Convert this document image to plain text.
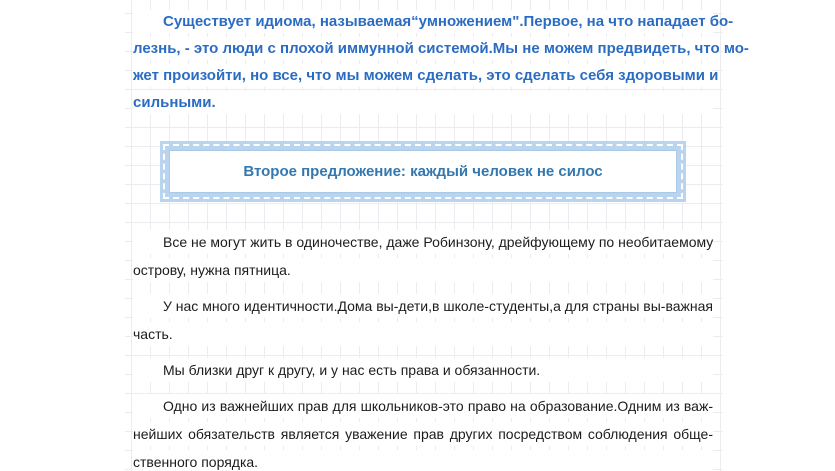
Существует идиома, называемая“умножением".Первое, на что нападает бо-
лезнь, - это люди с плохой иммунной системой.Мы не можем предвидеть, что мо-
жет произойти, но все, что мы можем сделать, это сделать себя здоровыми и
сильными.
Второе предложение: каждый человек не силос
Все не могут жить в одиночестве, даже Робинзону, дрейфующему по необитаемому
острову, нужна пятница.
У нас много идентичности.Дома вы-дети,в школе-студенты,а для страны вы-важная
часть.
Мы близки друг к другу, и у нас есть права и обязанности.
Одно из важнейших прав для школьников-это право на образование.Одним из важ-
нейших обязательств является уважение прав других посредством соблюдения обще-
ственного порядка.
